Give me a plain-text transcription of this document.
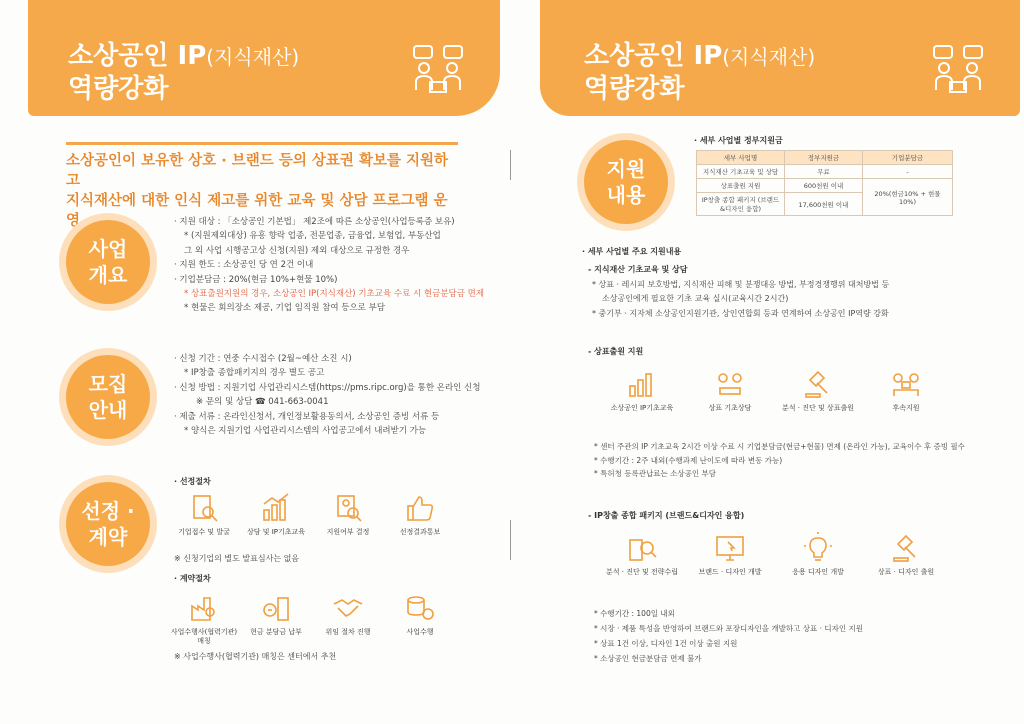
소상공인 IP(지식재산)
역량강화

소상공인이 보유한 상호 · 브랜드 등의 상표권 확보를 지원하고

지식재산에 대한 인식 제고를 위한 교육 및 상담 프로그램 운영

사업 개요

· 지원 대상 : 「소상공인 기본법」 제2조에 따른 소상공인(사업등록증 보유)

* (지원제외대상) 유흥 향락 업종, 전문업종, 금융업, 보험업, 부동산업

그 외 사업 시행공고상 신청(지원) 제외 대상으로 규정한 경우

· 지원 한도 : 소상공인 당 연 2건 이내

· 기업분담금 : 20%(현금 10%+현물 10%)

* 상표출원지원의 경우, 소상공인 IP(지식재산) 기초교육 수료 시 현금분담금 면제

* 현물은 회의장소 제공, 기업 임직원 참여 등으로 부담

모집 안내

· 신청 기간 : 연중 수시접수 (2월~예산 소진 시)

* IP창출 종합패키지의 경우 별도 공고

· 신청 방법 : 지원기업 사업관리시스템(https://pms.ripc.org)을 통한 온라인 신청

※ 문의 및 상담 ☎ 041-663-0041

· 제출 서류 : 온라인신청서, 개인정보활용동의서, 소상공인 증빙 서류 등

* 양식은 지원기업 사업관리시스템의 사업공고에서 내려받기 가능

선정 · 계약
· 선정절차
기업접수 및 발굴	상담 및 IP기초교육	지원여부 결정	선정결과통보
※ 신청기업의 별도 발표심사는 없음
· 계약절차
사업수행사(협력기관) 매칭
현금 분담금 납부	위임 절차 진행	사업수행
※ 사업수행사(협력기관) 매칭은 센터에서 추천
소상공인 IP(지식재산)
역량강화
지원 내용
· 세부 사업별 정부지원금
세부 사업명	정부지원금	기업분담금
지식재산 기초교육 및 상담	무료	-
상표출원 지원	600천원 이내	20%(현금10% + 현물10%)
IP창출 종합 패키지 (브랜드&디자인 융합)	17,600천원 이내	
· 세부 사업별 주요 지원내용
- 지식재산 기초교육 및 상담

* 상표 · 레시피 보호방법, 지식재산 피해 및 분쟁대응 방법, 부정경쟁행위 대처방법 등

소상공인에게 필요한 기초 교육 실시(교육시간 2시간)

* 중기부 · 지자체 소상공인지원기관, 상인연합회 등과 연계하여 소상공인 IP역량 강화

- 상표출원 지원
소상공인 IP기초교육	상표 기초상담	분석 · 진단 및 상표출원	후속지원

* 센터 주관의 IP 기초교육 2시간 이상 수료 시 기업분담금(현금+현물) 면제 (온라인 가능), 교육이수 후 증빙 필수

* 수행기간 : 2주 내외(수행과제 난이도에 따라 변동 가능)

* 특허청 등록관납료는 소상공인 부담

- IP창출 종합 패키지 (브랜드&디자인 융합)
분석 · 진단 및 전략수립	브랜드 · 디자인 개발	응용 디자인 개발	상표 · 디자인 출원

* 수행기간 : 100일 내외

* 시장 · 제품 특성을 반영하여 브랜드와 포장디자인을 개발하고 상표 · 디자인 지원

* 상표 1건 이상, 디자인 1건 이상 출원 지원

* 소상공인 현금분담금 면제 불가
